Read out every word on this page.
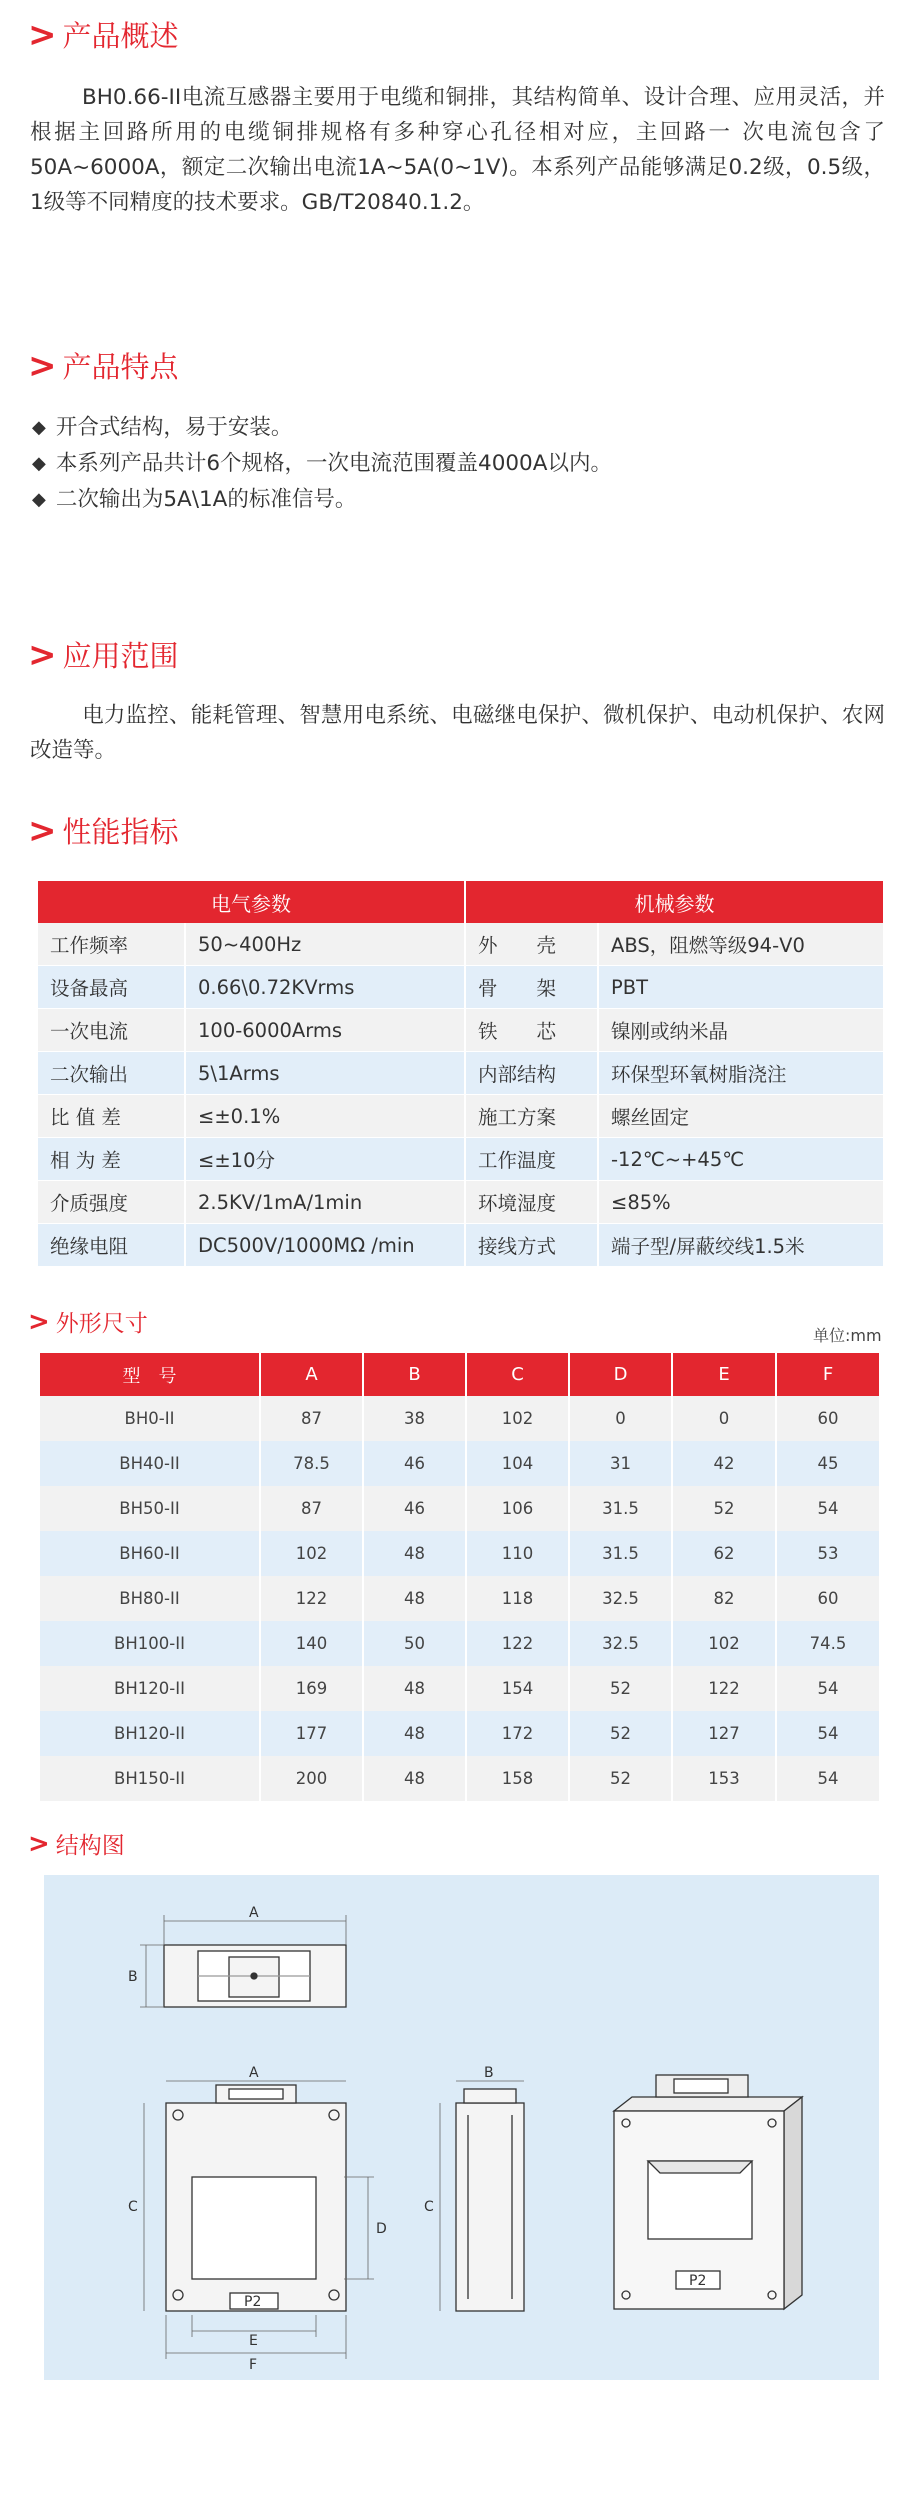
> 产品概述
BH0.66-II电流互感器主要用于电缆和铜排，其结构简单、设计合理、应用灵活，并根据主回路所用的电缆铜排规格有多种穿心孔径相对应，主回路一 次电流包含了50A~6000A，额定二次输出电流1A~5A(0~1V)。本系列产品能够满足0.2级，0.5级，1级等不同精度的技术要求。GB/T20840.1.2。
> 产品特点
◆ 开合式结构，易于安装。
◆ 本系列产品共计6个规格，一次电流范围覆盖4000A以内。
◆ 二次输出为5A\1A的标准信号。
> 应用范围
电力监控、能耗管理、智慧用电系统、电磁继电保护、微机保护、电动机保护、农网改造等。
> 性能指标
电气参数		机械参数	
工作频率	50~400Hz	外　　壳	ABS，阻燃等级94-V0
设备最高	0.66\0.72KVrms	骨　　架	PBT
一次电流	100-6000Arms	铁　　芯	镍刚或纳米晶
二次输出	5\1Arms	内部结构	环保型环氧树脂浇注
比 值 差	≤±0.1%	施工方案	螺丝固定
相 为 差	≤±10分	工作温度	-12℃~+45℃
介质强度	2.5KV/1mA/1min	环境湿度	≤85%
绝缘电阻	DC500V/1000MΩ /min	接线方式	端子型/屏蔽绞线1.5米
> 外形尺寸	单位:mm
型　号	A	B	C	D	E	F
BH0-II	87	38	102	0	0	60
BH40-II	78.5	46	104	31	42	45
BH50-II	87	46	106	31.5	52	54
BH60-II	102	48	110	31.5	62	53
BH80-II	122	48	118	32.5	82	60
BH100-II	140	50	122	32.5	102	74.5
BH120-II	169	48	154	52	122	54
BH120-II	177	48	172	52	127	54
BH150-II	200	48	158	52	153	54
> 结构图
A
B
A
C
D
E
F
P2
B
C
P2
